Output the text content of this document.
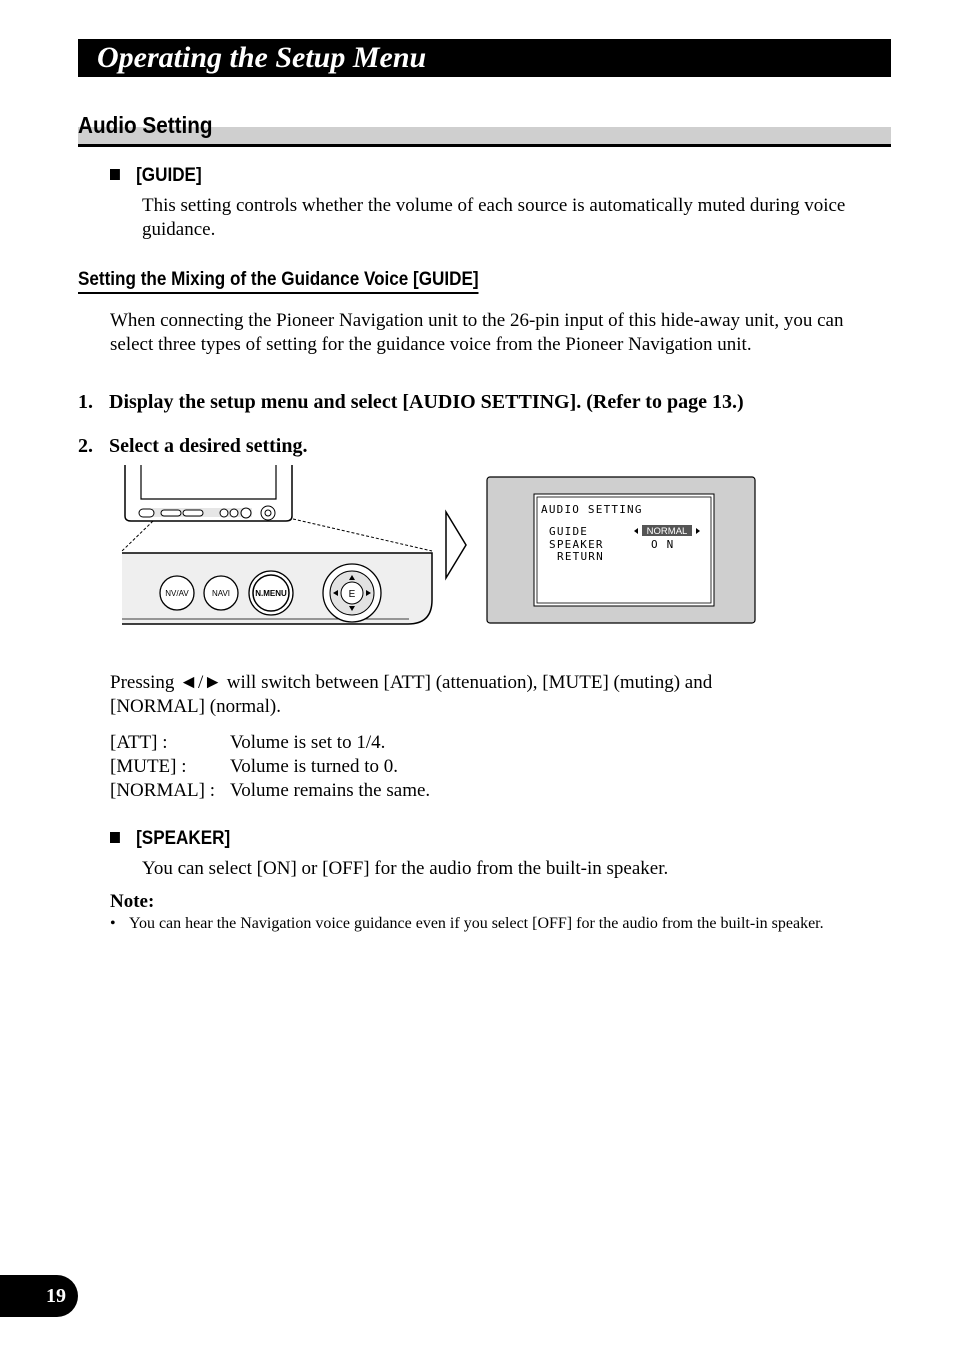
Operating the Setup Menu
Audio Setting
[GUIDE]
This setting controls whether the volume of each source is automatically muted during voice guidance.
Setting the Mixing of the Guidance Voice [GUIDE]
When connecting the Pioneer Navigation unit to the 26-pin input of this hide-away unit, you can select three types of setting for the guidance voice from the Pioneer Navigation unit.
1. Display the setup menu and select [AUDIO SETTING]. (Refer to page 13.)
2. Select a desired setting.
NV/AV	NAVI	N.MENU	E
AUDIO SETTING
GUIDE
SPEAKER
RETURN
NORMAL
O N
Pressing ◄/► will switch between [ATT] (attenuation), [MUTE] (muting) and [NORMAL] (normal).
[ATT] :	Volume is set to 1/4.
[MUTE] : Volume is turned to 0.
[NORMAL] : Volume remains the same.
[SPEAKER]
You can select [ON] or [OFF] for the audio from the built-in speaker.
Note:
• You can hear the Navigation voice guidance even if you select [OFF] for the audio from the built-in speaker.
19
